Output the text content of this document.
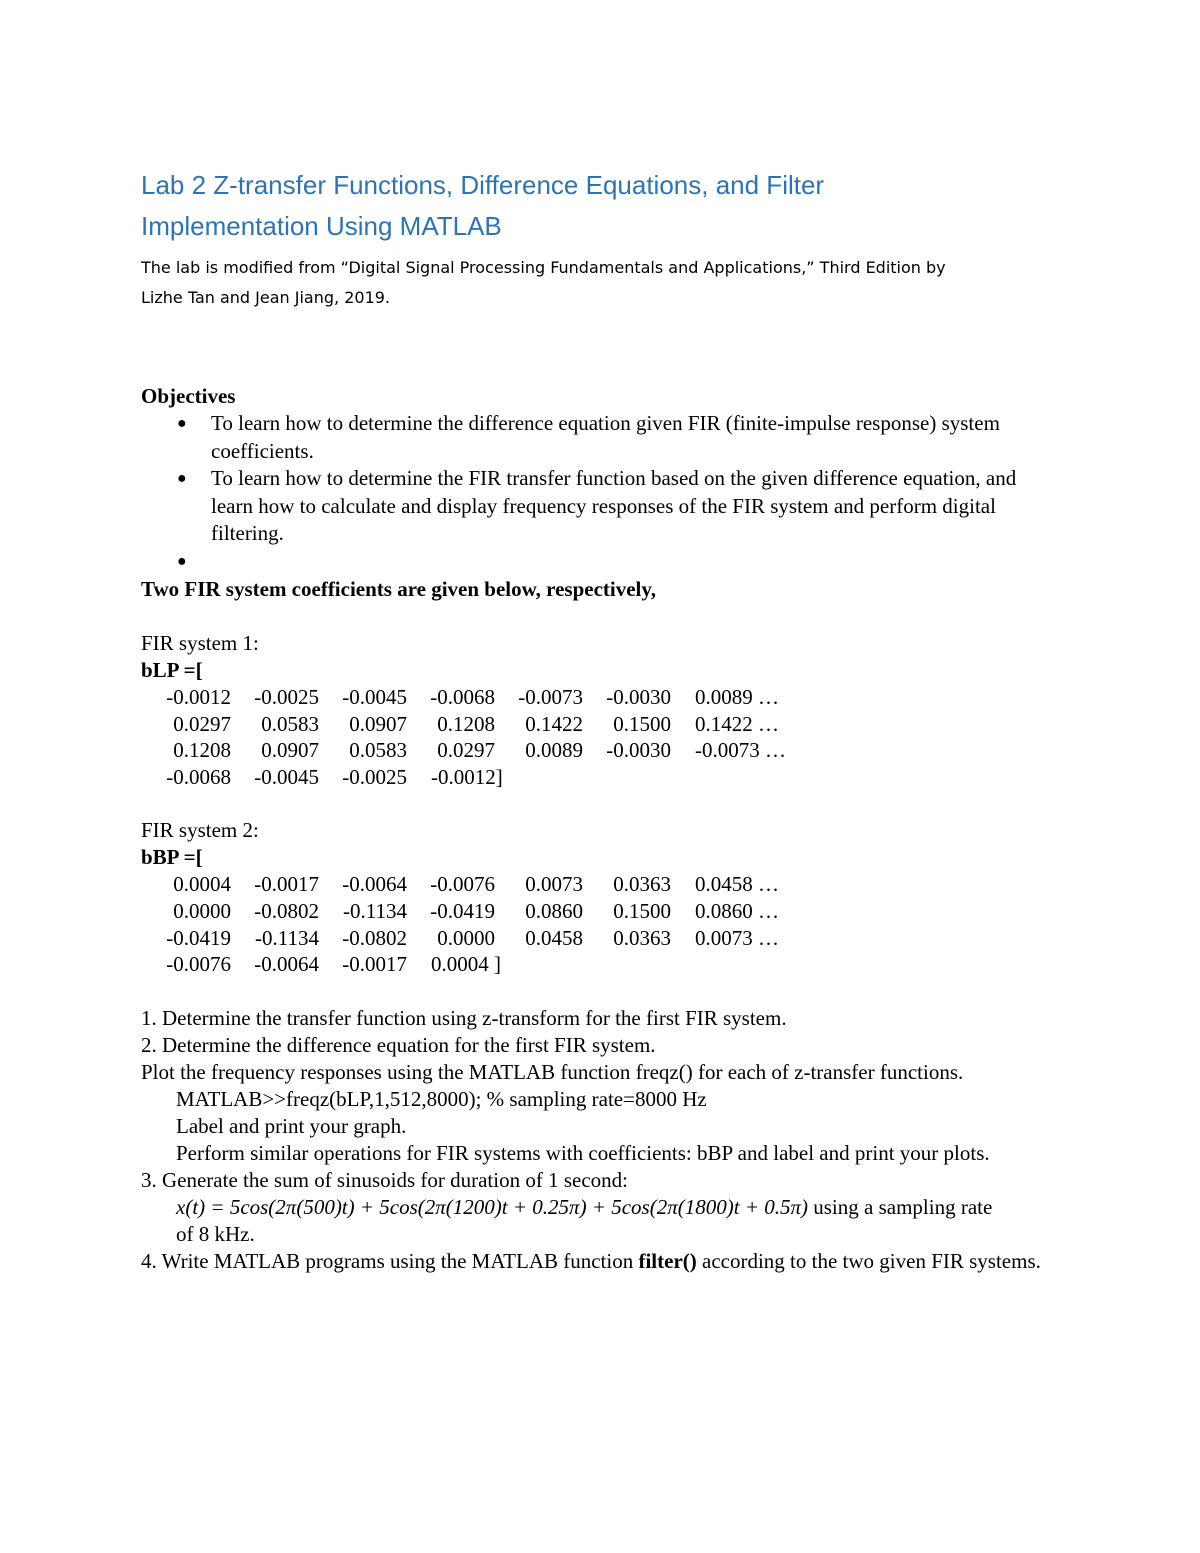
Lab 2 Z-transfer Functions, Difference Equations, and Filter
Implementation Using MATLAB
The lab is modified from “Digital Signal Processing Fundamentals and Applications,” Third Edition by
Lizhe Tan and Jean Jiang, 2019.
Objectives
● To learn how to determine the difference equation given FIR (finite-impulse response) system coefficients.
● To learn how to determine the FIR transfer function based on the given difference equation, and learn how to calculate and display frequency responses of the FIR system and perform digital filtering.
●
Two FIR system coefficients are given below, respectively,
FIR system 1:
bLP =[
-0.0012	-0.0025	-0.0045	-0.0068	-0.0073	-0.0030	0.0089 …
0.0297	0.0583	0.0907	0.1208	0.1422	0.1500	0.1422 …
0.1208	0.0907	0.0583	0.0297	0.0089	-0.0030	-0.0073 …
-0.0068	-0.0045	-0.0025	-0.0012]
FIR system 2:
bBP =[
0.0004	-0.0017	-0.0064	-0.0076	0.0073	0.0363	0.0458 …
0.0000	-0.0802	-0.1134	-0.0419	0.0860	0.1500	0.0860 …
-0.0419	-0.1134	-0.0802	0.0000	0.0458	0.0363	0.0073 …
-0.0076	-0.0064	-0.0017	0.0004 ]

1. Determine the transfer function using z-transform for the first FIR system.

2. Determine the difference equation for the first FIR system.

Plot the frequency responses using the MATLAB function freqz() for each of z-transfer functions.

MATLAB>>freqz(bLP,1,512,8000); % sampling rate=8000 Hz

Label and print your graph.

Perform similar operations for FIR systems with coefficients: bBP and label and print your plots.

3. Generate the sum of sinusoids for duration of 1 second:

x(t) = 5cos(2π(500)t) + 5cos(2π(1200)t + 0.25π) + 5cos(2π(1800)t + 0.5π) using a sampling rate

of 8 kHz.

4. Write MATLAB programs using the MATLAB function filter() according to the two given FIR systems.
